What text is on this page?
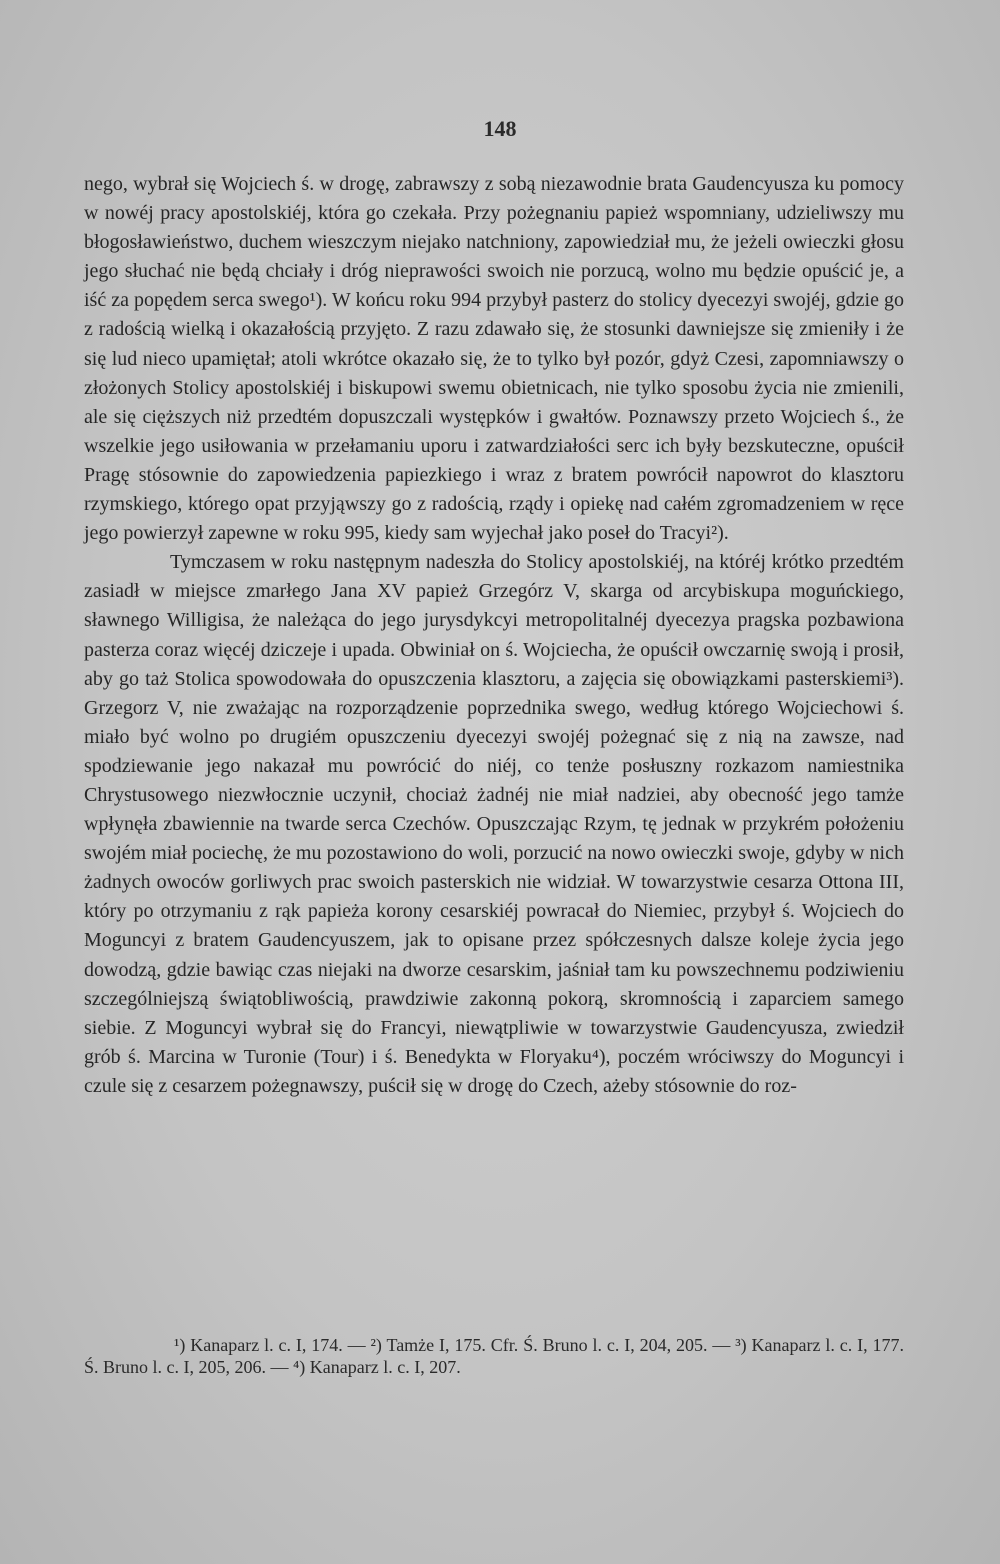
148

nego, wybrał się Wojciech ś. w drogę, zabrawszy z sobą niezawodnie brata Gaudencyusza ku pomocy w nowéj pracy apostolskiéj, która go czekała. Przy pożegnaniu papież wspomniany, udzieliwszy mu błogosławieństwo, duchem wieszczym niejako natchniony, zapowiedział mu, że jeżeli owieczki głosu jego słuchać nie będą chciały i dróg nieprawości swoich nie porzucą, wolno mu będzie opuścić je, a iść za popędem serca swego¹). W końcu roku 994 przybył pasterz do stolicy dyecezyi swojéj, gdzie go z radością wielką i okazałością przyjęto. Z razu zdawało się, że stosunki dawniejsze się zmieniły i że się lud nieco upamiętał; atoli wkrótce okazało się, że to tylko był pozór, gdyż Czesi, zapomniawszy o złożonych Stolicy apostolskiéj i biskupowi swemu obietnicach, nie tylko sposobu życia nie zmienili, ale się cięższych niż przedtém dopuszczali występków i gwałtów. Poznawszy przeto Wojciech ś., że wszelkie jego usiłowania w przełamaniu uporu i zatwardziałości serc ich były bezskuteczne, opuścił Pragę stósownie do zapowiedzenia papiezkiego i wraz z bratem powrócił napowrot do klasztoru rzymskiego, którego opat przyjąwszy go z radością, rządy i opiekę nad całém zgromadzeniem w ręce jego powierzył zapewne w roku 995, kiedy sam wyjechał jako poseł do Tracyi²).

Tymczasem w roku następnym nadeszła do Stolicy apostolskiéj, na któréj krótko przedtém zasiadł w miejsce zmarłego Jana XV papież Grzegórz V, skarga od arcybiskupa moguńckiego, sławnego Willigisa, że należąca do jego jurysdykcyi metropolitalnéj dyecezya pragska pozbawiona pasterza coraz więcéj dziczeje i upada. Obwiniał on ś. Wojciecha, że opuścił owczarnię swoją i prosił, aby go taż Stolica spowodowała do opuszczenia klasztoru, a zajęcia się obowiązkami pasterskiemi³). Grzegorz V, nie zważając na rozporządzenie poprzednika swego, według którego Wojciechowi ś. miało być wolno po drugiém opuszczeniu dyecezyi swojéj pożegnać się z nią na zawsze, nad spodziewanie jego nakazał mu powrócić do niéj, co tenże posłuszny rozkazom namiestnika Chrystusowego niezwłocznie uczynił, chociaż żadnéj nie miał nadziei, aby obecność jego tamże wpłynęła zbawiennie na twarde serca Czechów. Opuszczając Rzym, tę jednak w przykrém położeniu swojém miał pociechę, że mu pozostawiono do woli, porzucić na nowo owieczki swoje, gdyby w nich żadnych owoców gorliwych prac swoich pasterskich nie widział. W towarzystwie cesarza Ottona III, który po otrzymaniu z rąk papieża korony cesarskiéj powracał do Niemiec, przybył ś. Wojciech do Moguncyi z bratem Gaudencyuszem, jak to opisane przez spółczesnych dalsze koleje życia jego dowodzą, gdzie bawiąc czas niejaki na dworze cesarskim, jaśniał tam ku powszechnemu podziwieniu szczególniejszą świątobliwością, prawdziwie zakonną pokorą, skromnością i zaparciem samego siebie. Z Moguncyi wybrał się do Francyi, niewątpliwie w towarzystwie Gaudencyusza, zwiedził grób ś. Marcina w Turonie (Tour) i ś. Benedykta w Floryaku⁴), poczém wróciwszy do Moguncyi i czule się z cesarzem pożegnawszy, puścił się w drogę do Czech, ażeby stósownie do roz-

¹) Kanaparz l. c. I, 174. — ²) Tamże I, 175. Cfr. Ś. Bruno l. c. I, 204, 205. — ³) Kanaparz l. c. I, 177. Ś. Bruno l. c. I, 205, 206. — ⁴) Kanaparz l. c. I, 207.
